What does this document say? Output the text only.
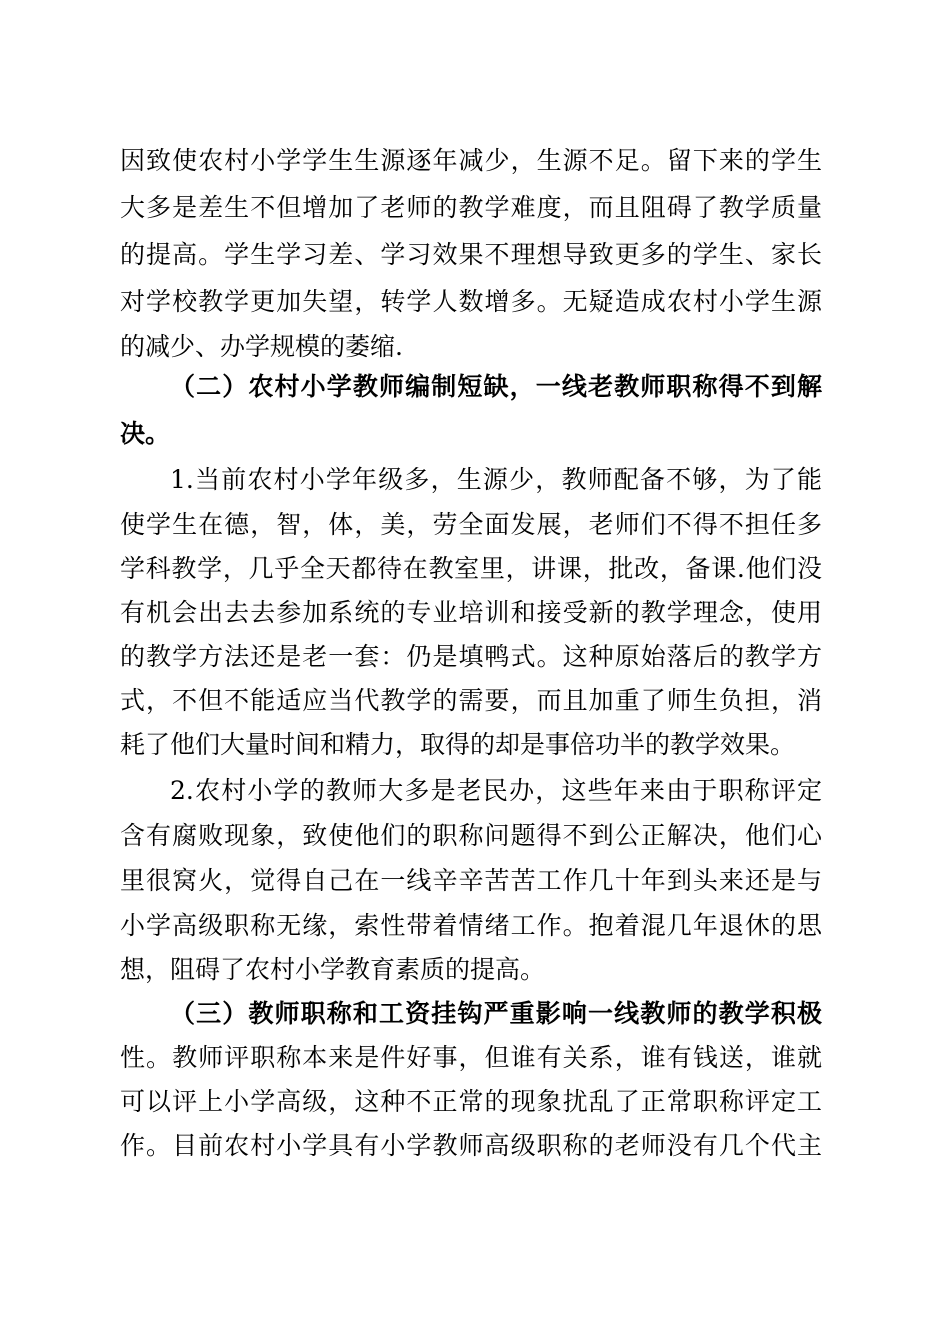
因致使农村小学学生生源逐年减少，生源不足。留下来的学生
大多是差生不但增加了老师的教学难度，而且阻碍了教学质量
的提高。学生学习差、学习效果不理想导致更多的学生、家长
对学校教学更加失望，转学人数增多。无疑造成农村小学生源
的减少、办学规模的萎缩.
（二）农村小学教师编制短缺，一线老教师职称得不到解
决。
1.当前农村小学年级多，生源少，教师配备不够，为了能
使学生在德，智，体，美，劳全面发展，老师们不得不担任多
学科教学，几乎全天都待在教室里，讲课，批改，备课.他们没
有机会出去去参加系统的专业培训和接受新的教学理念，使用
的教学方法还是老一套：仍是填鸭式。这种原始落后的教学方
式，不但不能适应当代教学的需要，而且加重了师生负担，消
耗了他们大量时间和精力，取得的却是事倍功半的教学效果。
2.农村小学的教师大多是老民办，这些年来由于职称评定
含有腐败现象，致使他们的职称问题得不到公正解决，他们心
里很窝火，觉得自己在一线辛辛苦苦工作几十年到头来还是与
小学高级职称无缘，索性带着情绪工作。抱着混几年退休的思
想，阻碍了农村小学教育素质的提高。
（三）教师职称和工资挂钩严重影响一线教师的教学积极
性。教师评职称本来是件好事，但谁有关系，谁有钱送，谁就
可以评上小学高级，这种不正常的现象扰乱了正常职称评定工
作。目前农村小学具有小学教师高级职称的老师没有几个代主
